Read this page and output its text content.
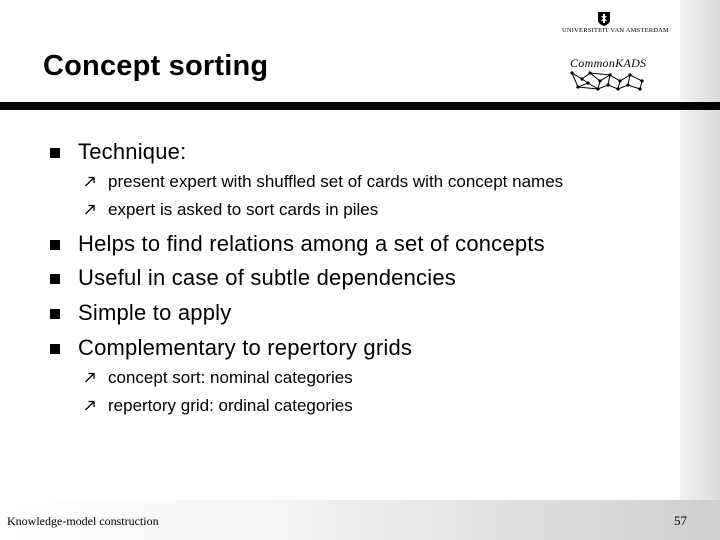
UNIVERSITEIT VAN AMSTERDAM
CommonKADS
Concept sorting

Technique:

present expert with shuffled set of cards with concept names

expert is asked to sort cards in piles

Helps to find relations among a set of concepts

Useful in case of subtle dependencies

Simple to apply

Complementary to repertory grids

concept sort: nominal categories

repertory grid: ordinal categories

Knowledge-model construction	57
